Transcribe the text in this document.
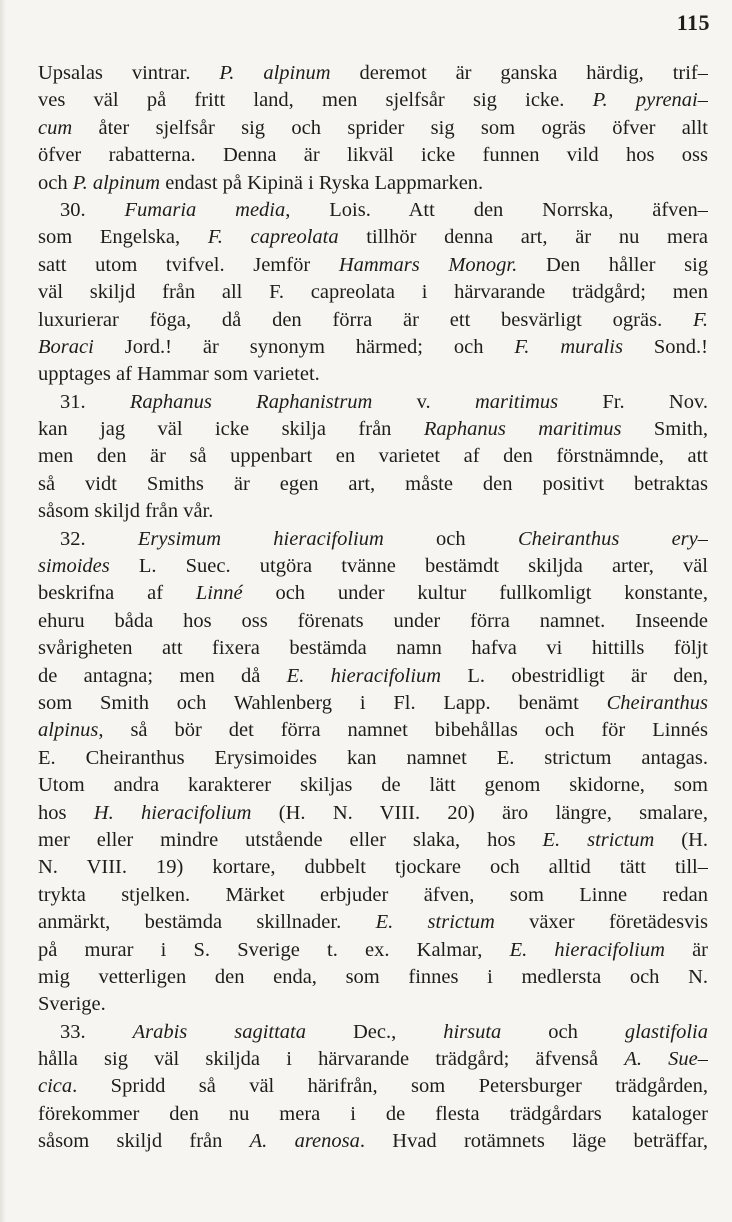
115
Upsalas vintrar. P. alpinum deremot är ganska härdig, trif–
ves väl på fritt land, men sjelfsår sig icke. P. pyrenai–
cum åter sjelfsår sig och sprider sig som ogräs öfver allt
öfver rabatterna. Denna är likväl icke funnen vild hos oss
och P. alpinum endast på Kipinä i Ryska Lappmarken.
30. Fumaria media, Lois. Att den Norrska, äfven–
som Engelska, F. capreolata tillhör denna art, är nu mera
satt utom tvifvel. Jemför Hammars Monogr. Den håller sig
väl skiljd från all F. capreolata i härvarande trädgård; men
luxurierar föga, då den förra är ett besvärligt ogräs. F.
Boraci Jord.! är synonym härmed; och F. muralis Sond.!
upptages af Hammar som varietet.
31. Raphanus Raphanistrum v. maritimus Fr. Nov.
kan jag väl icke skilja från Raphanus maritimus Smith,
men den är så uppenbart en varietet af den förstnämnde, att
så vidt Smiths är egen art, måste den positivt betraktas
såsom skiljd från vår.
32. Erysimum hieracifolium och Cheiranthus ery–
simoides L. Suec. utgöra tvänne bestämdt skiljda arter, väl
beskrifna af Linné och under kultur fullkomligt konstante,
ehuru båda hos oss förenats under förra namnet. Inseende
svårigheten att fixera bestämda namn hafva vi hittills följt
de antagna; men då E. hieracifolium L. obestridligt är den,
som Smith och Wahlenberg i Fl. Lapp. benämt Cheiranthus
alpinus, så bör det förra namnet bibehållas och för Linnés
E. Cheiranthus Erysimoides kan namnet E. strictum antagas.
Utom andra karakterer skiljas de lätt genom skidorne, som
hos H. hieracifolium (H. N. VIII. 20) äro längre, smalare,
mer eller mindre utstående eller slaka, hos E. strictum (H.
N. VIII. 19) kortare, dubbelt tjockare och alltid tätt till–
trykta stjelken. Märket erbjuder äfven, som Linne redan
anmärkt, bestämda skillnader. E. strictum växer företädesvis
på murar i S. Sverige t. ex. Kalmar, E. hieracifolium är
mig vetterligen den enda, som finnes i medlersta och N.
Sverige.
33. Arabis sagittata Dec., hirsuta och glastifolia
hålla sig väl skiljda i härvarande trädgård; äfvenså A. Sue–
cica. Spridd så väl härifrån, som Petersburger trädgården,
förekommer den nu mera i de flesta trädgårdars kataloger
såsom skiljd från A. arenosa. Hvad rotämnets läge beträffar,
